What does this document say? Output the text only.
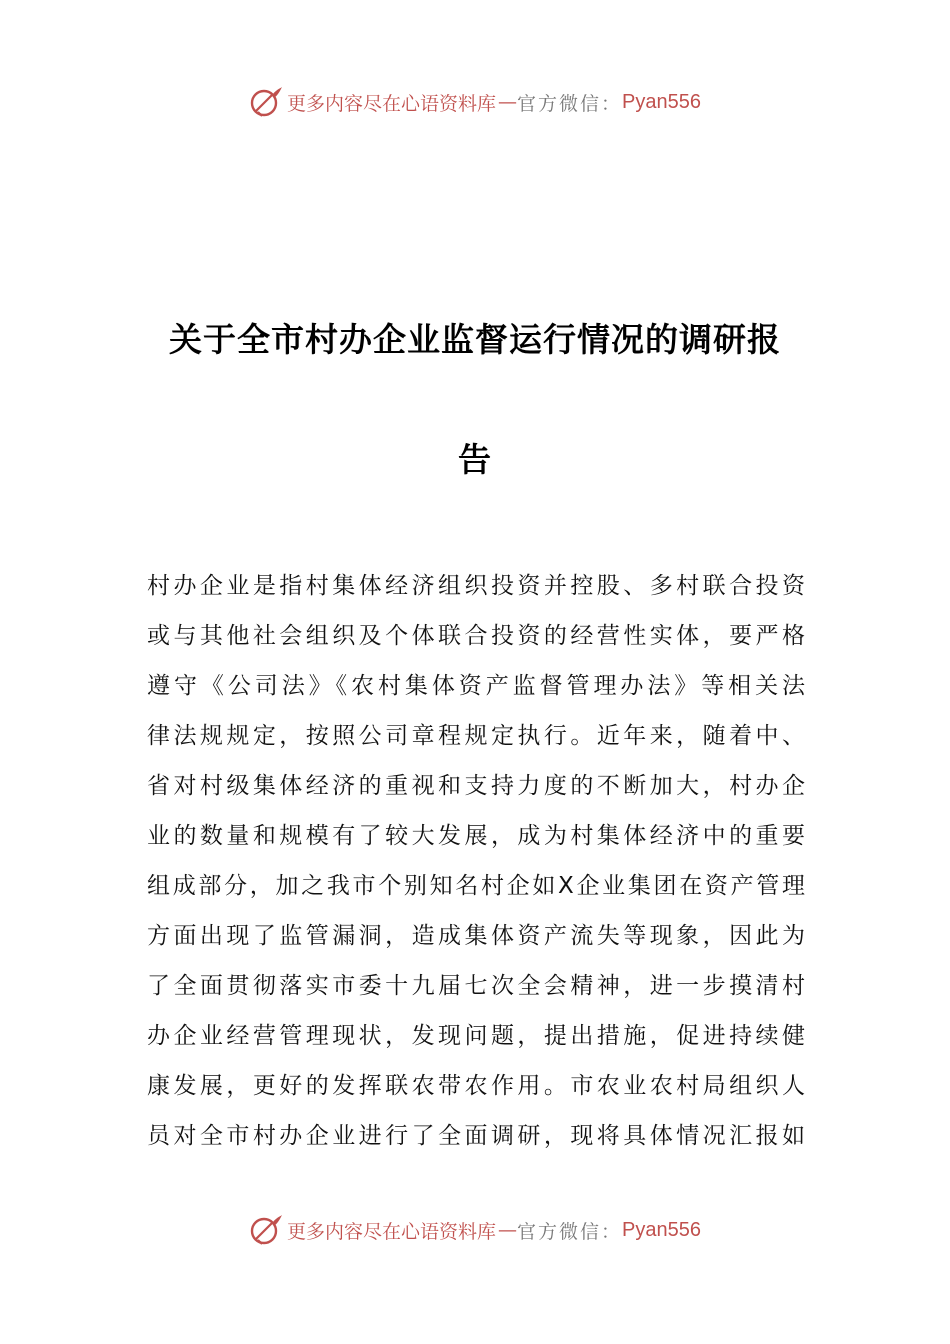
更多内容尽在心语资料库 — 官方微信： Pyan556
关于全市村办企业监督运行情况的调研报
告
村办企业是指村集体经济组织投资并控股、多村联合投资
或与其他社会组织及个体联合投资的经营性实体，要严格
遵守《公司法》《农村集体资产监督管理办法》等相关法
律法规规定，按照公司章程规定执行。近年来，随着中、
省对村级集体经济的重视和支持力度的不断加大，村办企
业的数量和规模有了较大发展，成为村集体经济中的重要
组成部分，加之我市个别知名村企如X企业集团在资产管理
方面出现了监管漏洞，造成集体资产流失等现象，因此为
了全面贯彻落实市委十九届七次全会精神，进一步摸清村
办企业经营管理现状，发现问题，提出措施，促进持续健
康发展，更好的发挥联农带农作用。市农业农村局组织人
员对全市村办企业进行了全面调研，现将具体情况汇报如
更多内容尽在心语资料库 — 官方微信： Pyan556
